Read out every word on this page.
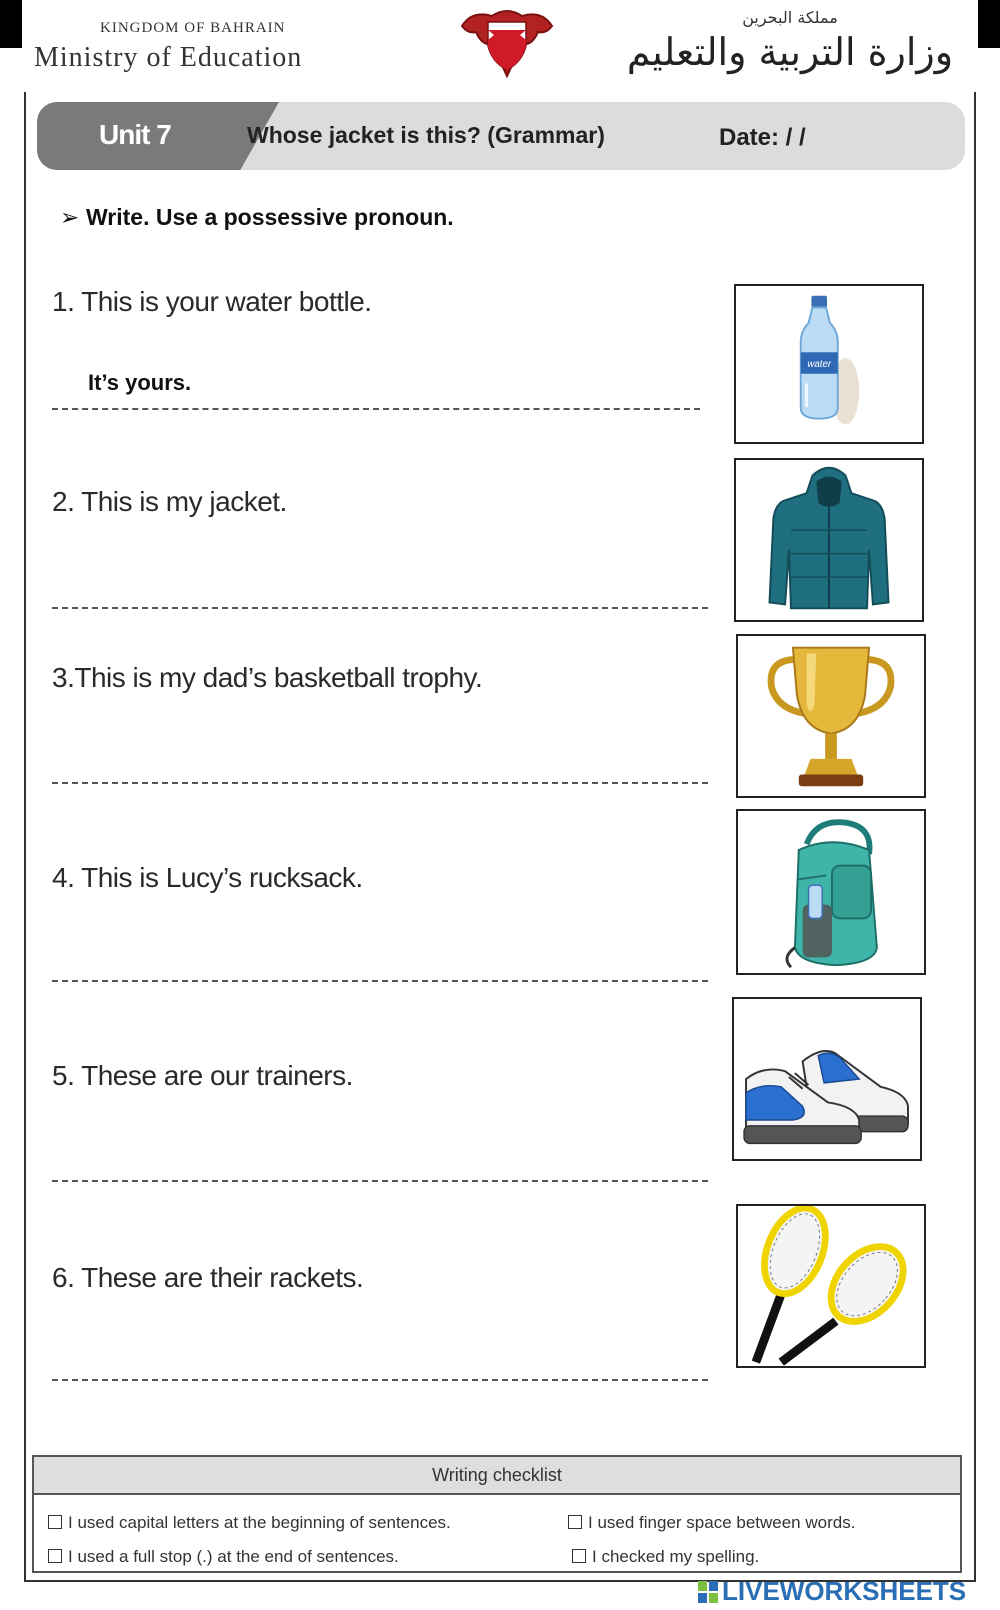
KINGDOM OF BAHRAIN
Ministry of Education
مملكة البحرين
وزارة التربية والتعليم
Unit 7	Whose jacket is this? (Grammar)	Date: / /
➢ Write. Use a possessive pronoun.
1. This is your water bottle.
It’s yours.
water
2. This is my jacket.
3.This is my dad’s basketball trophy.
4. This is Lucy’s rucksack.
5. These are our trainers.
6. These are their rackets.
Writing checklist
I used capital letters at the beginning of sentences.	I used finger space between words.
I used a full stop (.) at the end of sentences.	I checked my spelling.
LIVEWORKSHEETS
